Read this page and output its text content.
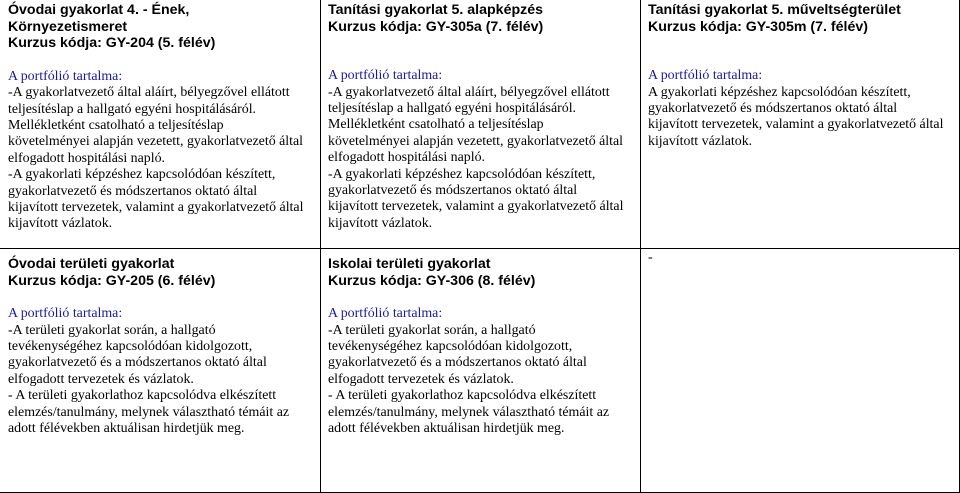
Óvodai gyakorlat 4. - Ének,

Környezetismeret

Kurzus kódja: GY-204 (5. félév)

A portfólió tartalma:

-A gyakorlatvezető által aláírt, bélyegzővel ellátott

teljesítéslap a hallgató egyéni hospitálásáról.

Mellékletként csatolható a teljesítéslap

követelményei alapján vezetett, gyakorlatvezető által

elfogadott hospitálási napló.

-A gyakorlati képzéshez kapcsolódóan készített,

gyakorlatvezető és módszertanos oktató által

kijavított tervezetek, valamint a gyakorlatvezető által

kijavított vázlatok.

Tanítási gyakorlat 5. alapképzés

Kurzus kódja: GY-305a (7. félév)

A portfólió tartalma:

-A gyakorlatvezető által aláírt, bélyegzővel ellátott

teljesítéslap a hallgató egyéni hospitálásáról.

Mellékletként csatolható a teljesítéslap

követelményei alapján vezetett, gyakorlatvezető által

elfogadott hospitálási napló.

-A gyakorlati képzéshez kapcsolódóan készített,

gyakorlatvezető és módszertanos oktató által

kijavított tervezetek, valamint a gyakorlatvezető által

kijavított vázlatok.

Tanítási gyakorlat 5. műveltségterület

Kurzus kódja: GY-305m (7. félév)

A portfólió tartalma:

A gyakorlati képzéshez kapcsolódóan készített,

gyakorlatvezető és módszertanos oktató által

kijavított tervezetek, valamint a gyakorlatvezető által

kijavított vázlatok.

Óvodai területi gyakorlat

Kurzus kódja: GY-205 (6. félév)

A portfólió tartalma:

-A területi gyakorlat során, a hallgató

tevékenységéhez kapcsolódóan kidolgozott,

gyakorlatvezető és a módszertanos oktató által

elfogadott tervezetek és vázlatok.

- A területi gyakorlathoz kapcsolódva elkészített

elemzés/tanulmány, melynek választható témáit az

adott félévekben aktuálisan hirdetjük meg.

Iskolai területi gyakorlat

Kurzus kódja: GY-306 (8. félév)

A portfólió tartalma:

-A területi gyakorlat során, a hallgató

tevékenységéhez kapcsolódóan kidolgozott,

gyakorlatvezető és a módszertanos oktató által

elfogadott tervezetek és vázlatok.

- A területi gyakorlathoz kapcsolódva elkészített

elemzés/tanulmány, melynek választható témáit az

adott félévekben aktuálisan hirdetjük meg.

-
